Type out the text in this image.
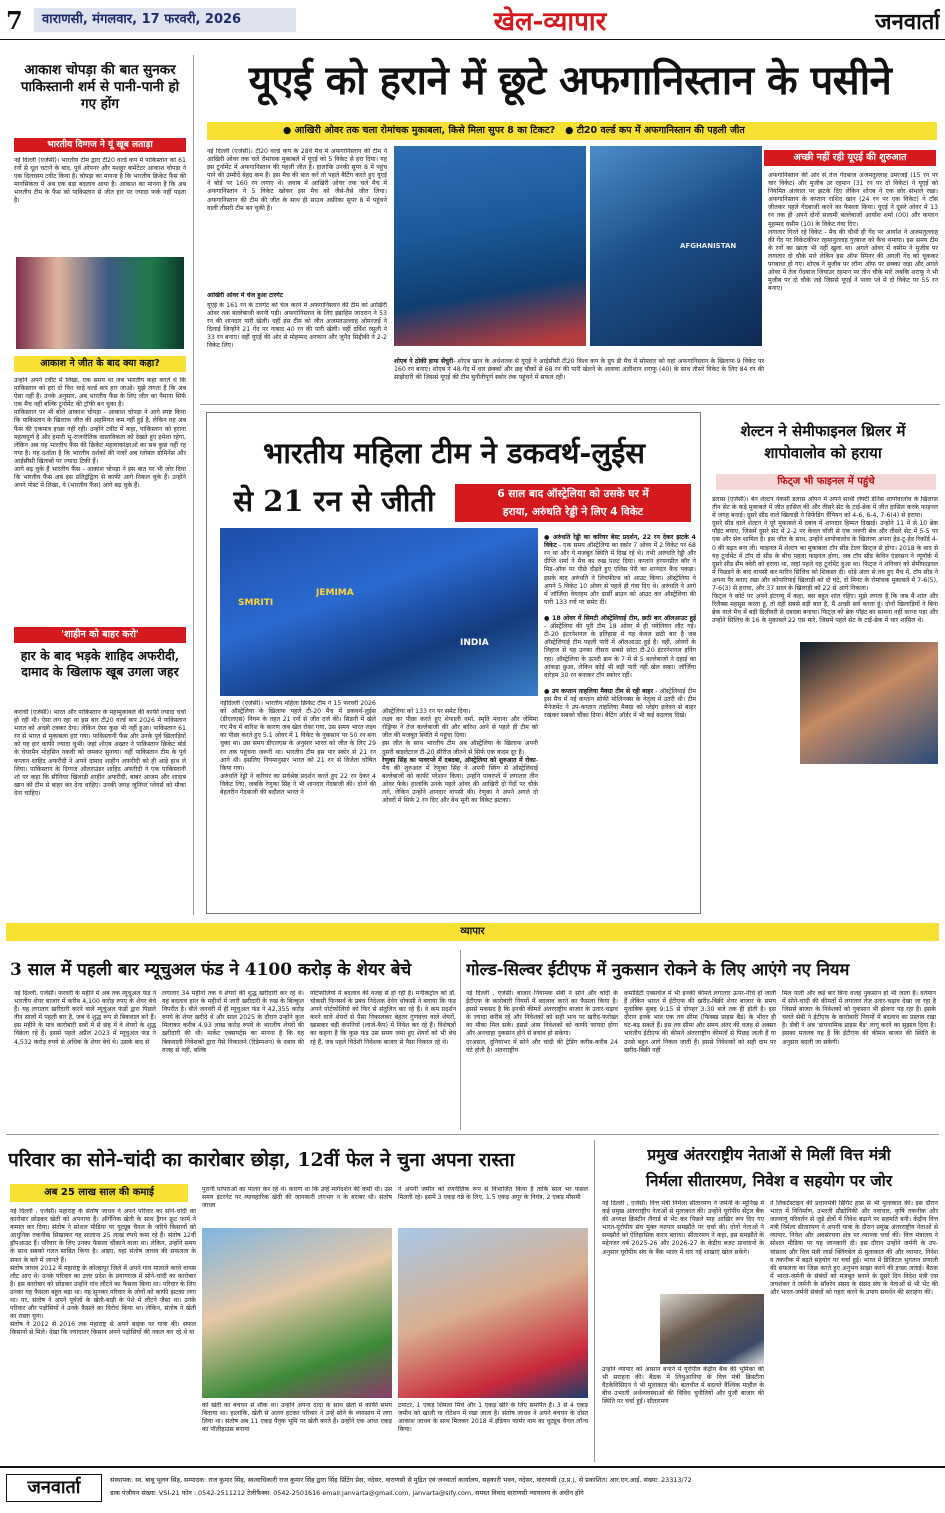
7	वाराणसी, मंगलवार, 17 फरवरी, 2026	खेल-व्यापार	जनवार्ता
आकाश चोपड़ा की बात सुनकर पाकिस्तानी शर्म से पानी-पानी हो गए होंग
भारतीय दिग्गज ने यूं खूब लताड़ा
नई दिल्ली (एजेंसी)। भारतीय टीम द्वारा टी20 वर्ल्ड कप में पाकिस्तान को 61 रनों से धूल चटाने के बाद, पूर्व ओपनर और मशहूर कमेंटेटर आकाश चोपड़ा ने एक दिलचस्प टवीट किया है। चोपड़ा का मानना है कि भारतीय क्रिकेट फैंस की मानसिकता में अब एक बड़ा बदलाव आया है। आकाश का मानना है कि अब भारतीय टीम के फैंस को पाकिस्तान से जीत हार पर ज्यादा फर्क नहीं पड़ता है।
आकाश ने जीत के बाद क्या कहा?
उन्होंने अपने टवीट में लिखा, एक समय था जब भारतीय कहा करते थे कि पाकिस्तान को हरा दो फिर चाहे वर्ल्ड कप हार जाओ। मुझे लगता है कि अब ऐसा नहीं है। उनके अनुसार, अब भारतीय फैंस के लिए जीत का पैमाना सिर्फ एक मैच नहीं बल्कि टूर्नामेंट की ट्रॉफी बन चुका है।
पाकिस्तान पर भी बोले आकाश चोपड़ा - आकाश चोपड़ा ने आगे स्पष्ट किया कि पाकिस्तान के खिलाफ जीत की अहमियत कम नहीं हुई है, लेकिन यह अब फैंस की एकमात्र इच्छा नहीं रही। उन्होंने टवीट में कहा, पाकिस्तान को हराना महत्वपूर्ण है और हमारी भू-राजनीतिक वास्तविकता को देखते हुए हमेशा रहेगा, लेकिन अब यह भारतीय फैंस की क्रिकेट महत्वाकांक्षाओं का सब कुछ नहीं रह गया है। यह दर्शाता है कि भारतीय दर्शकों की नजरें अब ग्लोबल डोमिनेंस और आईसीसी खिताबों पर ज्यादा टिकी हैं।
आगे बढ़ चुके हैं भारतीय फैंस - आकाश चोपड़ा ने इस बात पर भी जोर दिया कि भारतीय फैंस अब इस प्रतिद्वंद्विता से काफी आगे निकल चुके हैं। उन्होंने अपने पोस्ट में लिखा, वे (भारतीय फैंस) आगे बढ़ चुके हैं।
'शाहीन को बाहर करो'
हार के बाद भड़के शाहिद अफरीदी, दामाद के खिलाफ खूब उगला जहर
कराची (एजेंसी)। भारत और पाकिस्तान के महामुकाबले की काफी ज्यादा चर्चा हो रही थी। ऐसा लग रहा था इस बार टी20 वर्ल्ड कप 2026 में पाकिस्तान भारत को अच्छी टक्कर देगा। लेकिन ऐसा कुछ भी नहीं हुआ। पाकिस्तान 61 रन से भारत से मुकाबला हार गया। पाकिस्तानी फैंस और उनके पूर्व खिलाड़ियों को यह हार काफी ज्यादा चुभी। जहां शोएब अख्तर ने पाकिस्तान क्रिकेट बोर्ड के चेयरमैन मोहसिन नकवी को जमकर सुनाया। वहीं पाकिस्तान टीम के पूर्व कप्तान शाहिद अफरीदी ने अपने दामाद शाहीन अफरीदी को ही आड़े हाथ ले लिया। पाकिस्तान के दिग्गज ऑलराउंडर शाहिद अफरीदी ने एक पाकिस्तानी शो पर कहा कि सीनियर खिलाड़ी शाहीन अफरीदी, बाबर आजम और शादाब खान को टीम से बाहर कर देना चाहिए। उनकी जगह जूनियर प्लेयर्स को मौका देना चाहिए।
यूएई को हराने में छूटे अफगानिस्तान के पसीने
● आखिरी ओवर तक चला रोमांचक मुकाबला, किसे मिला सुपर 8 का टिकट? ● टी20 वर्ल्ड कप में अफगानिस्तान की पहली जीत
नई दिल्ली (एजेंसी)। टी20 वर्ल्ड कप के 28वें मैच में अफगानिस्तान की टीम ने आखिरी ओवर तक चले रोमांचक मुकाबले में यूएई को 5 विकेट से हरा दिया। यह इस टूर्नामेंट में अफगानिस्तान की पहली जीत है। हालांकि उनकी सुपर 8 में पहुंच पाने की उम्मीदें बेहद कम हैं। इस मैच की बात करें तो पहले बैटिंग करते हुए यूएई ने बोर्ड पर 160 रन लगाए थे। जवाब में आखिरी ओवर तक चले मैच में अफगानिस्तान ने 5 विकेट खोकर इस मैच को जैसे-तैसे जीत लिया। अफगानिस्तान की टीम की जीत के साथ ही साउथ अफ्रीका सुपर 8 में पहुंचने वाली तीसरी टीम बन चुकी है।
आखिरी ओवर में चेज हुआ टारगेट
यूएई के 161 रन के टारगेट को चेज करने में अफगानिस्तान की टीम को आखिरी ओवर तक बल्लेबाजी करनी पड़ी। अफगानिस्तान के लिए इब्राहिम जादरान ने 53 रन की शानदार पारी खेली। वहीं इस टीम को जीत अजमतउल्लाह ओमरजई ने दिलाई जिन्होंने 21 गेंद पर नाबाद 40 रन की पारी खेली। वहीं दर्विश रसूली ने 33 रन बनाए। वहीं यूएई की ओर से मोहम्मद अरफान और जुनैद सिद्दीकी ने 2-2 विकेट लिए।
AFGHANISTAN

शोएब ने ठोकी हाफ सेंचुरी- शोएब खान के अर्धशतक से यूएई ने आईसीसी टी20 विश्व कप के ग्रुप डी मैच में सोमवार को यहां अफगानिस्तान के खिलाफ 9 विकेट पर 160 रन बनाए। शोएब ने 48 गेंद में चार छक्कों और छह चौकों से 68 रन की पारी खेलने के अलावा अलीशान शराफू (40) के साथ तीसरे विकेट के लिए 84 रन की साझेदारी की जिससे यूएई की टीम चुनौतीपूर्ण स्कोर तक पहुंचने में सफल रही।

अच्छी नहीं रही यूएई की शुरुआत
अफगानिस्तान की ओर से तेज गेंदबाज अजमतुल्लाह उमरजई (15 रन पर चार विकेट) और मुजीब उर रहमान (31 रन पर दो विकेट) ने यूएई को नियमित अंतराल पर झटके दिए लेकिन शोएब ने एक छोर संभाले रखा। अफगानिस्तान के कप्तान राशिद खान (24 रन पर एक विकेट) ने टॉस जीतकर पहले गेंदबाजी करने का फैसला किया। यूएई ने दूसरे ओवर में 13 रन तक ही अपने दोनों सलामी बल्लेबाजों आर्यांश शर्मा (00) और कप्तान मुहम्मद वसीम (10) के विकेट गंवा दिए।
लगातार गिरते रहे विकेट - मैच की चौथी ही गेंद पर आर्यांश ने अजमतुल्लाह की गेंद पर विकेटकीपर रहमानुल्लाह गुरबाज को कैच थमाया। इस समय टीम के रनों का खाता भी नहीं खुला था। अगले ओवर में वसीम ने मुजीब पर लगातार दो चौके मारे लेकिन इस ऑफ स्पिनर की अगली गेंद को चूककर पगबाधा हो गए। शोएब ने मुजीब पर लॉन्ग ऑफ पर छक्का जड़ा और अगले ओवर में तेज गेंदबाज जियाउर रहमान पर तीन चौके मारे जबकि शराफू ने भी मुजीब पर दो चौके जड़े जिससे यूएई ने पावर प्ले में दो विकेट पर 55 रन बनाए।
भारतीय महिला टीम ने डकवर्थ-लुईस
से 21 रन से जीती	6 साल बाद ऑस्ट्रेलिया को उसके घर में
हराया, अरुंधति रेड्डी ने लिए 4 विकेट
SMRITI
JEMIMA
INDIA

● अरुंधति रेड्डी का करियर बेस्ट प्रदर्शन, 22 रन देकर झटके 4 विकेट - एक समय ऑस्ट्रेलिया का स्कोर 7 ओवर में 2 विकेट पर 68 रन था और ये मजबूत स्थिति में दिख रहे थे। तभी अरुंधति रेड्डी और दीप्ति शर्मा ने मैच का रुख पलट दिया। कप्तान हरमनप्रीत कौर ने मिड-ऑफ पर पीछे दौड़ते हुए एलिस पेरी का शानदार कैच पकड़ा। इसके बाद अरुंधति ने लिचफील्ड को आउट किया। ऑस्ट्रेलिया ने अपने 5 विकेट 10 ओवर से पहले ही गंवा दिए थे। अरुंधति ने आगे में जॉर्जिया वेयरहम और डार्सी ब्राउन को आउट कर ऑस्ट्रेलिया की पारी 133 रनों पर समेट दी।

● 18 ओवर में सिमटी ऑस्ट्रेलियाई टीम, छठी बार ऑलआउट हुई - ऑस्ट्रेलिया की पूरी टीम 18 ओवर में ही पवेलियन लौट गई। टी-20 इंटरनेशनल के इतिहास में यह केवल छठी बार है जब ऑस्ट्रेलियाई टीम पहली पारी में ऑलआउट हुई है। वहीं, ओवरों के लिहाज से यह उनका तीसरा सबसे छोटा टी-20 इंटरनेशनल इनिंग रहा। ऑस्ट्रेलिया के ऊपरी क्रम के 7 में से 5 बल्लेबाजों ने दहाई का आंकड़ा छुआ, लेकिन कोई भी बड़ी पारी नहीं खेल सका। जॉर्जिया वारेहम 30 रन बनाकर टॉप स्कोरर रहीं।

● उप कप्तान ताहलिया मैक्ग्रा टीम से रही बाहर - ऑस्ट्रेलियाई टीम इस मैच में नई कप्तान सोफी मोलिनक्स के नेतृत्व में उतरी थी। टीम मैनेजमेंट ने उप-कप्तान ताहलिया मैक्ग्रा को प्लेइंग इलेवन से बाहर रखकर सबको चौंका दिया। बैटिंग ऑर्डर में भी कई बदलाव दिखे।

नईदिल्ली (एजेंसी)। भारतीय महिला क्रिकेट टीम ने 15 फरवरी 2026 को ऑस्ट्रेलिया के खिलाफ पहले टी-20 मैच में डकवर्थ-लुईस (डीएलएस) नियम के तहत 21 रनों से जीत दर्ज की। सिडनी में खेले गए मैच में बारिश के कारण जब खेल रोका गया, उस समय भारत लक्ष्य का पीछा करते हुए 5.1 ओवर में 1 विकेट के नुकसान पर 50 रन बना चुका था। उस समय डीएलएस के अनुसार भारत को जीत के लिए 29 रन तक पहुंचना जरूरी था। भारतीय टीम इस पार स्कोर से 21 रन आगे थी। इसलिए नियमानुसार भारत को 21 रन से विजेता घोषित किया गया।
अरुंधति रेड्डी ने करियर का सर्वश्रेष्ठ प्रदर्शन करते हुए 22 रन देकर 4 विकेट लिए, जबकि रेणुका सिंह ने भी शानदार गेंदबाजी की। दोनों की बेहतरीन गेंदबाजी की बदौलत भारत ने

ऑस्ट्रेलिया को 133 रन पर समेट दिया।
लक्ष्य का पीछा करते हुए शेफाली वर्मा, स्मृति मंधाना और जेमिमा रोड्रिग्स ने तेज बल्लेबाजी की और बारिश आने से पहले ही टीम को जीत की मजबूत स्थिति में पहुंचा दिया।
इस जीत के साथ भारतीय टीम अब ऑस्ट्रेलिया के खिलाफ अपनी दूसरी बाइलेटरल टी-20 सीरीज जीतने से सिर्फ एक कदम दूर है।
रेणुका सिंह का पावरप्ले में दबदबा, ऑस्ट्रेलिया को शुरुआत में रोका- मैच की शुरुआत में रेणुका सिंह ने अपनी स्विंग से ऑस्ट्रेलियाई बल्लेबाजों को काफी परेशान किया। उन्होंने पावरप्ले में लगातार तीन ओवर फेंके। हालांकि उनके पहले ओवर की आखिरी दो गेंदों पर चौके लगे, लेकिन उन्होंने शानदार वापसी की। रेणुका ने अपने अगले दो ओवरों में सिर्फ 2 रन दिए और बेथ मूनी का विकेट झटका।

शेल्टन ने सेमीफाइनल थ्रिलर में शापोवालोव को हराया
फिट्ज भी फाइनल में पहुंचे
डलास (एजेंसी)। बेन शेल्टन नेकसी डलास ओपन में अपने साथी लेफ्टी डेनिस शापोवालोव के खिलाफ़ तीन सेट के कड़े मुकाबले में जीत हासिल की और तीसरे सेट के टाई-ब्रेक में जीत हासिल करके फाइनल में जगह बनाई। दूसरे सीड वाले खिलाड़ी ने डिफेंडिंग चैंपियन को 4-6, 6-4, 7-6(4) से हराया।
दूसरे सीड वाले शेल्टन ने पूरे मुकाबले में दबाव में शानदार हिम्मत दिखाई। उन्होंने 11 में से 10 ब्रेक पॉइंट बचाए, जिसमें दूसरे सेट में 2-2 पर केवल वॉली से एक जरूरी सेव और तीसरे सेट में 5-5 पर एक और सेव शामिल है। इस जीत के साथ, उन्होंने शापोवालोव के खिलाफ अपना हेड-टू-हेड रिकॉर्ड 4-0 की बढ़त बना ली। फाइनल में शेल्टन का मुकाबला टॉप सीड टेलर फ्रिट्ज से होगा। 2018 के बाद से यह टूर्नामेंट में टॉप दो सीड के बीच पहला फाइनल होगा, जब टॉप सीड केविन एंडरसन ने न्यूयॉर्क में दूसरे सीड सैम क्वेरी को हराया था, जहां पहले यह टूर्नामेंट हुआ था। फिट्ज ने शनिवार को सेमीफाइनल में पिछड़ने के बाद वापसी कर मारिन सिलिच को शिकस्त दी। थोड़े अंतर से तय हुए मैच में, टॉप सीड ने अपना पैर बनाए रखा और कोपारियाई खिलाड़ी को दो घंटे, दो मिनट के रोमांचक मुकाबले में 7-6(5), 7-6(3) से हराया, और 37 साल के खिलाड़ी को 22 से आगे निकला।
फिट्ज ने कोर्ट पर अपने इंटरव्यू में कहा, बस बहुत शांत रहिए। मुझे लगता है कि जब मैं शांत और रिलैक्स महसूस करता हूं, तो वही सबसे बड़ी बात है, मैं अच्छी सर्व करता हूं। दोनों खिलाड़ियों ने बिना ब्रेक वाले मैच में बड़ी डिलीवरी से दबदबा बनाया। फिट्ज़ को ब्रेक पॉइंट का सामना नहीं करना पड़ा और उन्होंने सिलिच के 16 के मुकाबले 22 एस मारे, जिसमें पहले सेट के टाई-ब्रेक में चार शामिल थे।
व्यापार
3 साल में पहली बार म्यूचुअल फंड ने 4100 करोड़ के शेयर बेचे
नई दिल्ली, एजेंसी। फरवरी के महीने में अब तक म्यूचुअल फंड ने भारतीय शेयर बाजार में करीब 4,100 करोड़ रुपए के शेयर बेचे हैं। यह लगातार खरीदारी करने वाले म्यूचुअल फंडों द्वारा पिछले तीन सालों में पहली बार है, जब वे शुद्ध रूप से बिकवाल बने हैं। इस महीने के मात्र कारोबारी सत्रों में से छह में वे शेयरों के शुद्ध विक्रेता रहे हैं। इससे पहले अप्रैल 2023 में म्यूचुअल फंड ने 4,532 करोड़ रुपये से अधिक के शेयर बेचे थे। उसके बाद से
लगातार 34 महीनों तक वे शेयरों की शुद्ध खरीदारी कर रहे थे। यह बदलाव हाल के महीनों में जारी खरीदारी के रुख के बिल्कुल विपरीत है। बीते जनवरी में ही म्यूचुअल फंड ने 42,355 करोड़ रुपये के शेयर खरीदे थे और साल 2025 के दौरान उन्होंने कुल मिलाकर करीब 4.93 लाख करोड़ रुपये के भारतीय शेयरों की खरीदारी की थी। मार्केट एक्सपर्ट्स का मानना है कि यह बिकवाली निवेशकों द्वारा पैसे निकालने (रिडेम्पशन) के दबाव की वजह से नहीं, बल्कि
पोर्टफोलियो में बदलाव की वजह से हो रही है। मनीकंट्रोल को डॉ. चोकसी फिनसर्व के प्रबंध निदेशक देवेन चोकसी ने बताया कि फंड अपने पोर्टफोलियो को फिर से संतुलित कर रहे हैं। वे कम प्रदर्शन करने वाले शेयरों से पैसा निकालकर बेहतर गुणवत्ता वाले शेयरों, खासकर बड़ी कंपनियों (लार्ज-कैप) में निवेश कर रहे हैं। विशेषज्ञों का कहना है कि कुछ फंड उस समय जमा हुए शेयरों को भी बेच रहे हैं, जब पहले विदेशी निवेशक बाजार से पैसा निकाल रहे थे।
गोल्ड-सिल्वर ईटीएफ में नुकसान रोकने के लिए आएंगे नए नियम
नई दिल्ली , एजेंसी। बाजार नियामक सेबी ने सोने और चांदी के ईटीएफ के कारोबारी नियमों में बदलाव करने का फैसला किया है। इससे मकसद है कि इनकी कीमतें अंतरराष्ट्रीय बाजार के उतार-चढ़ाव के ज्यादा करीब रहें और निवेशकों को सही भाव पर खरीद-फरोख्त का मौका मिल सके। इससे आम निवेशकों को काफी फायदा होगा और अनचाहा नुकसान होने से बचाव हो सकेगा।
दरअसल, दुनियाभर में सोने और चांदी की ट्रेडिंग करीब-करीब 24 घंटे होती है। अंतरराष्ट्रीय
कमोडिटी एक्सचेंज में भी इनकी कीमतें लगातार ऊपर-नीचे हो जाती हैं लेकिन भारत में ईटीएफ की खरीद-बिक्री शेयर बाजार के समय मुताबिक सुबह 9:15 से दोपहर 3:30 बजे तक ही होती है। इस दौरान इनके भाव एक तय सीमा (फिक्स्ड प्राइस बैंड) के भीतर ही घट-बढ़ सकते हैं। इस तय सीमा और समय अंतर की वजह से अक्सर भारतीय ईटीएफ की कीमतें अंतरराष्ट्रीय कीमतों से पिछड़ जाती हैं या उनसे बहुत आगे निकल जाती हैं। इससे निवेशकों को सही दाम पर खरीद-बिक्री नहीं
मिल पाती और कई बार बिना वजह नुकसान हो भी जाता है। वर्तमान में सोने-चांदी की कीमतों में लगातार तेज उतार-चढ़ाव देखा जा रहा है जिससे बाजार के निवेशकों को नुकसान भी झेलना पड़ रहा है। इसके चलते सेबी ने ईटीएफ के कारोबारी नियमों में बदलाव का प्रस्ताव रखा है। सेबी ने अब 'डायनामिक प्राइस बैंड' लागू करने का सुझाव दिया है। इसका मतलब यह है कि ईटीएफ की कीमत बाजार की स्थिति के अनुसार बदली जा सकेगी।
परिवार का सोने-चांदी का कारोबार छोड़ा, 12वीं फेल ने चुना अपना रास्ता
अब 25 लाख साल की कमाई
नई दिल्ली , एजेंसी। महाराष्ट्र के संतोष जाधव ने अपने परिवार का सोने-चांदी का कारोबार छोड़कर खेती को अपनाया है। ऑर्गेनिक खेती के साथ ड्रैगन फ्रूट फार्म ने कमाल कर दिया। संतोष ने सोशल मीडिया पर यूट्यूब चैनल के जरिये किसानों को आधुनिक तकनीक सिखाकर यह सालाना 25 लाख रुपये कमा रहे हैं। संतोष 12वीं ड्रॉपआउट हैं। परिवार के लिए उनका फैसला चौंकाने वाला था। लेकिन, उन्होंने समय के साथ सबको गलत साबित किया है। आइए, यहां संतोष जाधव की सफलता के सफर के बारे में जानते हैं।
संतोष जाधव 2012 में महाराष्ट्र के कोल्हापुर जिले में अपने गांव मालाले करवे वापस लौट आए थे। उनके परिवार का उत्तर प्रदेश के प्रयागराज में सोने-चांदी का कारोबार है। इस कारोबार को छोड़कर उन्होंने गांव लौटने का फैसला किया था। परिवार के लिए उनका यह फैसला बहुत बड़ा था। यह सुनकर परिवार के लोगों को काफी झटका लगा था। पर, संतोष ने अपने पूर्वजों के खेती-बाड़ी के पेशे में लौटने जैसा था। उनके परिवार और पड़ोसियों ने उनके फैसले का विरोध किया था। लेकिन, संतोष ने खेती का रास्ता चुना।
संतोष ने 2012 से 2016 तक महाराष्ट्र से अपने बाइक पर यात्रा की। सफल किसानों से मिले। देखा कि ज्यादातर किसान अपने पड़ोसियों की नकल कर रहे थे या
पुरानी परंपराओं का पालन कर रहे थे। कारण था कि उन्हें मार्गदर्शन की कमी थी। उस समय इंटरनेट पर व्यावहारिक खेती की जानकारी लगभग न के बराबर थी। संतोष जाधव
ने अपनी जमीन को रणनीतिक रूप से विभाजित किया है ताकि साल भर फसल मिलती रहे। इसमें 3 एकड़ गन्ने के लिए, 1.5 एकड़ अंगूर के नियंत्र, 2 एकड़ मौसमी
को खेती का बचपन से शौक था। उन्होंने अपना दादा के साथ खेतों में काफी समय बिताया था। हालांकि, खेती से अलग हटकर परिवार ने उन्हें सोने के व्यवसाय में लगा लिया था। संतोष अब 11 एकड़ पैतृक भूमि पर खेती करते हैं। उन्होंने एक आधा एकड़ का पॉलीहाउस बनाया
टमाटर, 1 एकड़ शिमला मिर्च और 1 एकड़ खीरे के लिए समर्पित है। 3 से 4 एकड़ जमीन को खाली या रोटेशन में रखा जाता है। संतोष जाधव ने अपने बचपन के दोस्त आकाश जाधव के साथ मिलकर 2018 में इंडियन फार्मर नाम का यूट्यूब चैनल लॉन्च किया।
प्रमुख अंतरराष्ट्रीय नेताओं से मिलीं वित्त मंत्री
निर्मला सीतारमण, निवेश व सहयोग पर जोर
नई दिल्ली , एजेंसी। वित्त मंत्री निर्मला सीतारमण ने जर्मनी के म्यूनिख में कई प्रमुख अंतरराष्ट्रीय नेताओं से मुलाकात की। उन्होंने यूरोपीय सेंट्रल बैंक की अध्यक्ष क्रिस्टीन लैगार्ड से भेंट कर पिछले माह आखिर रूप दिए गए भारत-यूरोपीय संघ मुक्त व्यापार समझौते पर चर्चा की। दोनों नेताओं ने समझौते को ऐतिहासिक करार बताया। सीतारमण ने कहा, इस समझौते के मद्देनजर वर्ष 2025-26 और 2026-27 के केंद्रीय बजट प्रावधानों के अनुसार यूरोपीय संघ के बैंक भारत में चार नई शाखाएं खोल सकेंगे।
उन्होंने व्यापार को आसान बनाने में यूरोपीय केंद्रीय बैंक की भूमिका की भी सराहना की। बैठक में लिथुआनिया के वित्त मंत्री क्रिस्टीना वैटकेविसिएन ने भी मुलाकात की। बातचीत में बदलते वैश्विक माहौल के बीच उभरती अर्थव्यवस्थाओं की विविध चुनौतियों और पूंजी बाजार की स्थिति पर चर्चा हुई। सीतारमण
ने लिकटेंस्टाइन की प्रधानमंत्री ब्रिगिट हास से भी मुलाकात की। इस दौरान भारत में विनिर्माण, उभरती प्रौद्योगिकी और नवाचार, कृषि तकनीक और जलवायु परिवर्तन से जुड़े क्षेत्रों में निवेश बढ़ाने पर सहमति बनी। केंद्रीय वित्त मंत्री निर्मला सीतारमण ने अपनी यात्रा के दौरान प्रमुख अंतरराष्ट्रीय नेताओं से व्यापार, निवेश और अवसंरचना क्षेत्र पर व्यापक चर्चा की। वित्त मंत्रालय ने सोशल मीडिया पर यह जानकारी दी। इस दौरान उन्होंने जर्मनी के उप-चांसलर और वित्त मंत्री लार्स क्लिंगबेल से मुलाकात की और व्यापार, निवेश व तकनीक में बढ़ते सहयोग पर चर्चा हुई। भारत में डिजिटल भुगतान प्रणाली की सफलता का जिक्र करते हुए अनुभव साझा करने की इच्छा जताई। बैठक में भारत-जर्मनी के संबंधों को मजबूत बनाने के दूसरे दिन विदेश मंत्री एस जयशंकर ने जर्मनी के सॉवरेन संसद के संसद संघ के नेताओं से भी भेंट की और भारत-जर्मनी संबंधों को गहरा करने के उपाय समर्थन की सराहना की।
जनवार्ता	संस्थापक: स्व. बाबू भूलन सिंह, सम्पादक: राज कुमार सिंह, स्वत्वाधिकारी राज कुमार सिंह द्वारा सिंह प्रिंटिंग प्रेस, नदेसर, वाराणसी से मुद्रित एवं जनवार्ता कार्यालय, सहकारी भवन, नदेसर, वाराणसी (उ.प्र.), से प्रकाशित। आर.एन.आई. संख्या: 23313/72
डाक पंजीयन संख्या: VSI-21 फोन : 0542-2511212 टेलीफैक्स: 0542-2501616 email:janvarta@gmail.com, janvarta@sify.com, समस्त विवाद वाराणसी न्यायालय के अधीन होंगे
